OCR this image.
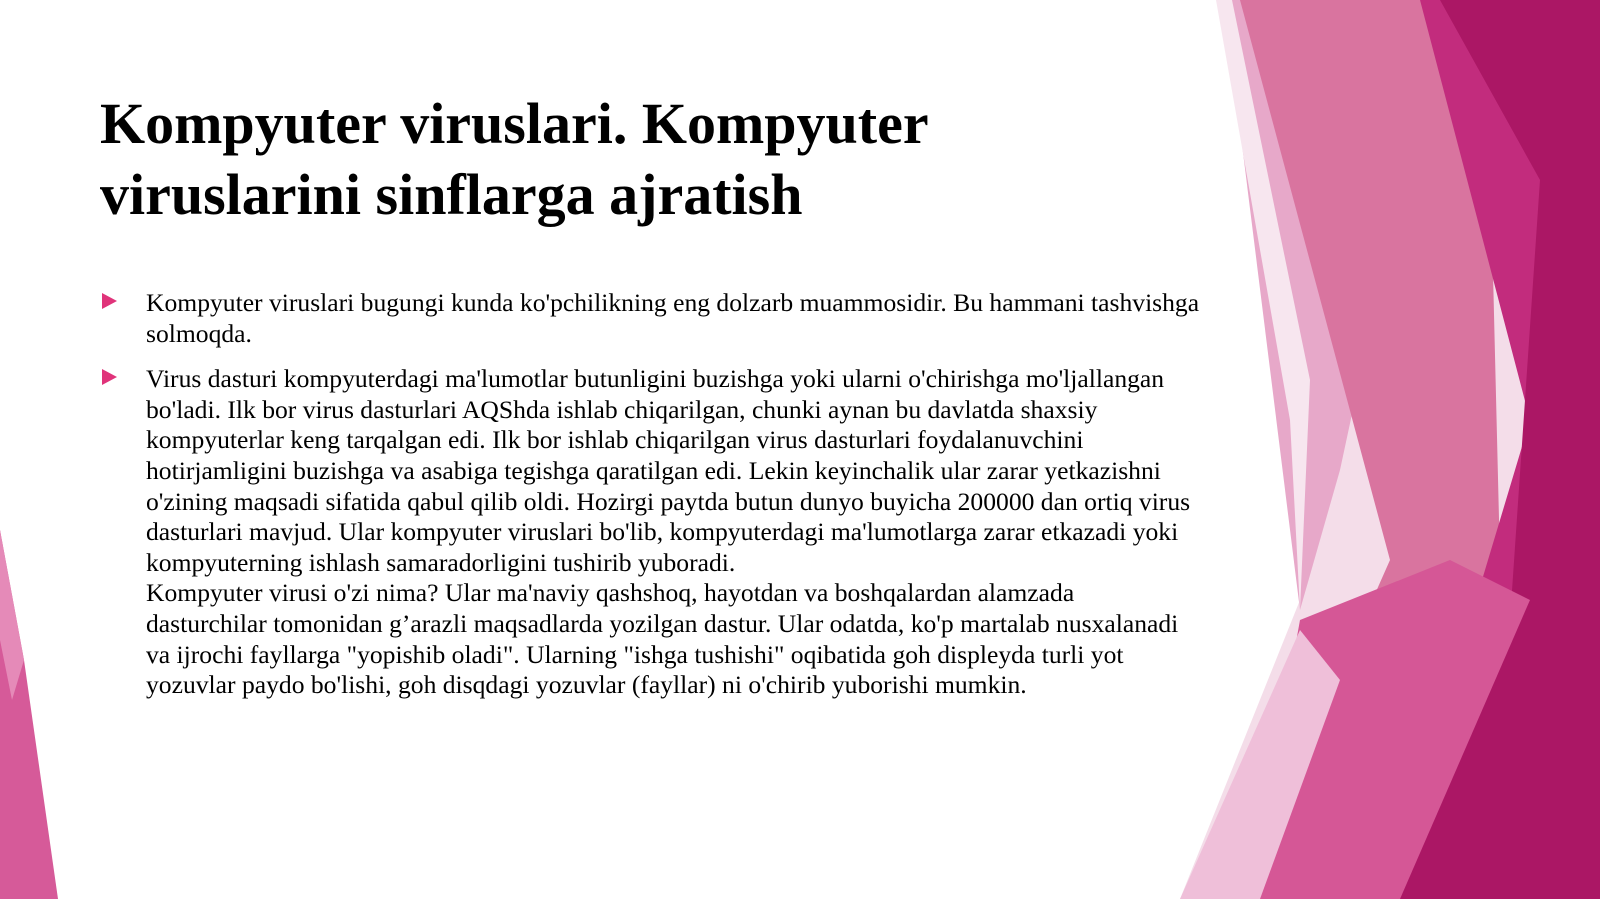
Kompyuter viruslari. Kompyuter
viruslarini sinflarga ajratish
Kompyuter viruslari bugungi kunda ko'pchilikning eng dolzarb muammosidir. Bu hammani tashvishga solmoqda.
Virus dasturi kompyuterdagi ma'lumotlar butunligini buzishga yoki ularni o'chirishga mo'ljallangan bo'ladi. Ilk bor virus dasturlari AQShda ishlab chiqarilgan, chunki aynan bu davlatda shaxsiy kompyuterlar keng tarqalgan edi. Ilk bor ishlab chiqarilgan virus dasturlari foydalanuvchini hotirjamligini buzishga va asabiga tegishga qaratilgan edi. Lekin keyinchalik ular zarar yetkazishni o'zining maqsadi sifatida qabul qilib oldi. Hozirgi paytda butun dunyo buyicha 200000 dan ortiq virus dasturlari mavjud. Ular kompyuter viruslari bo'lib, kompyuterdagi ma'lumotlarga zarar etkazadi yoki kompyuterning ishlash samaradorligini tushirib yuboradi.
Kompyuter virusi o'zi nima? Ular ma'naviy qashshoq, hayotdan va boshqalardan alamzada dasturchilar tomonidan g’arazli maqsadlarda yozilgan dastur. Ular odatda, ko'p martalab nusxalanadi va ijrochi fayllarga "yopishib oladi". Ularning "ishga tushishi" oqibatida goh displeyda turli yot yozuvlar paydo bo'lishi, goh disqdagi yozuvlar (fayllar) ni o'chirib yuborishi mumkin.
